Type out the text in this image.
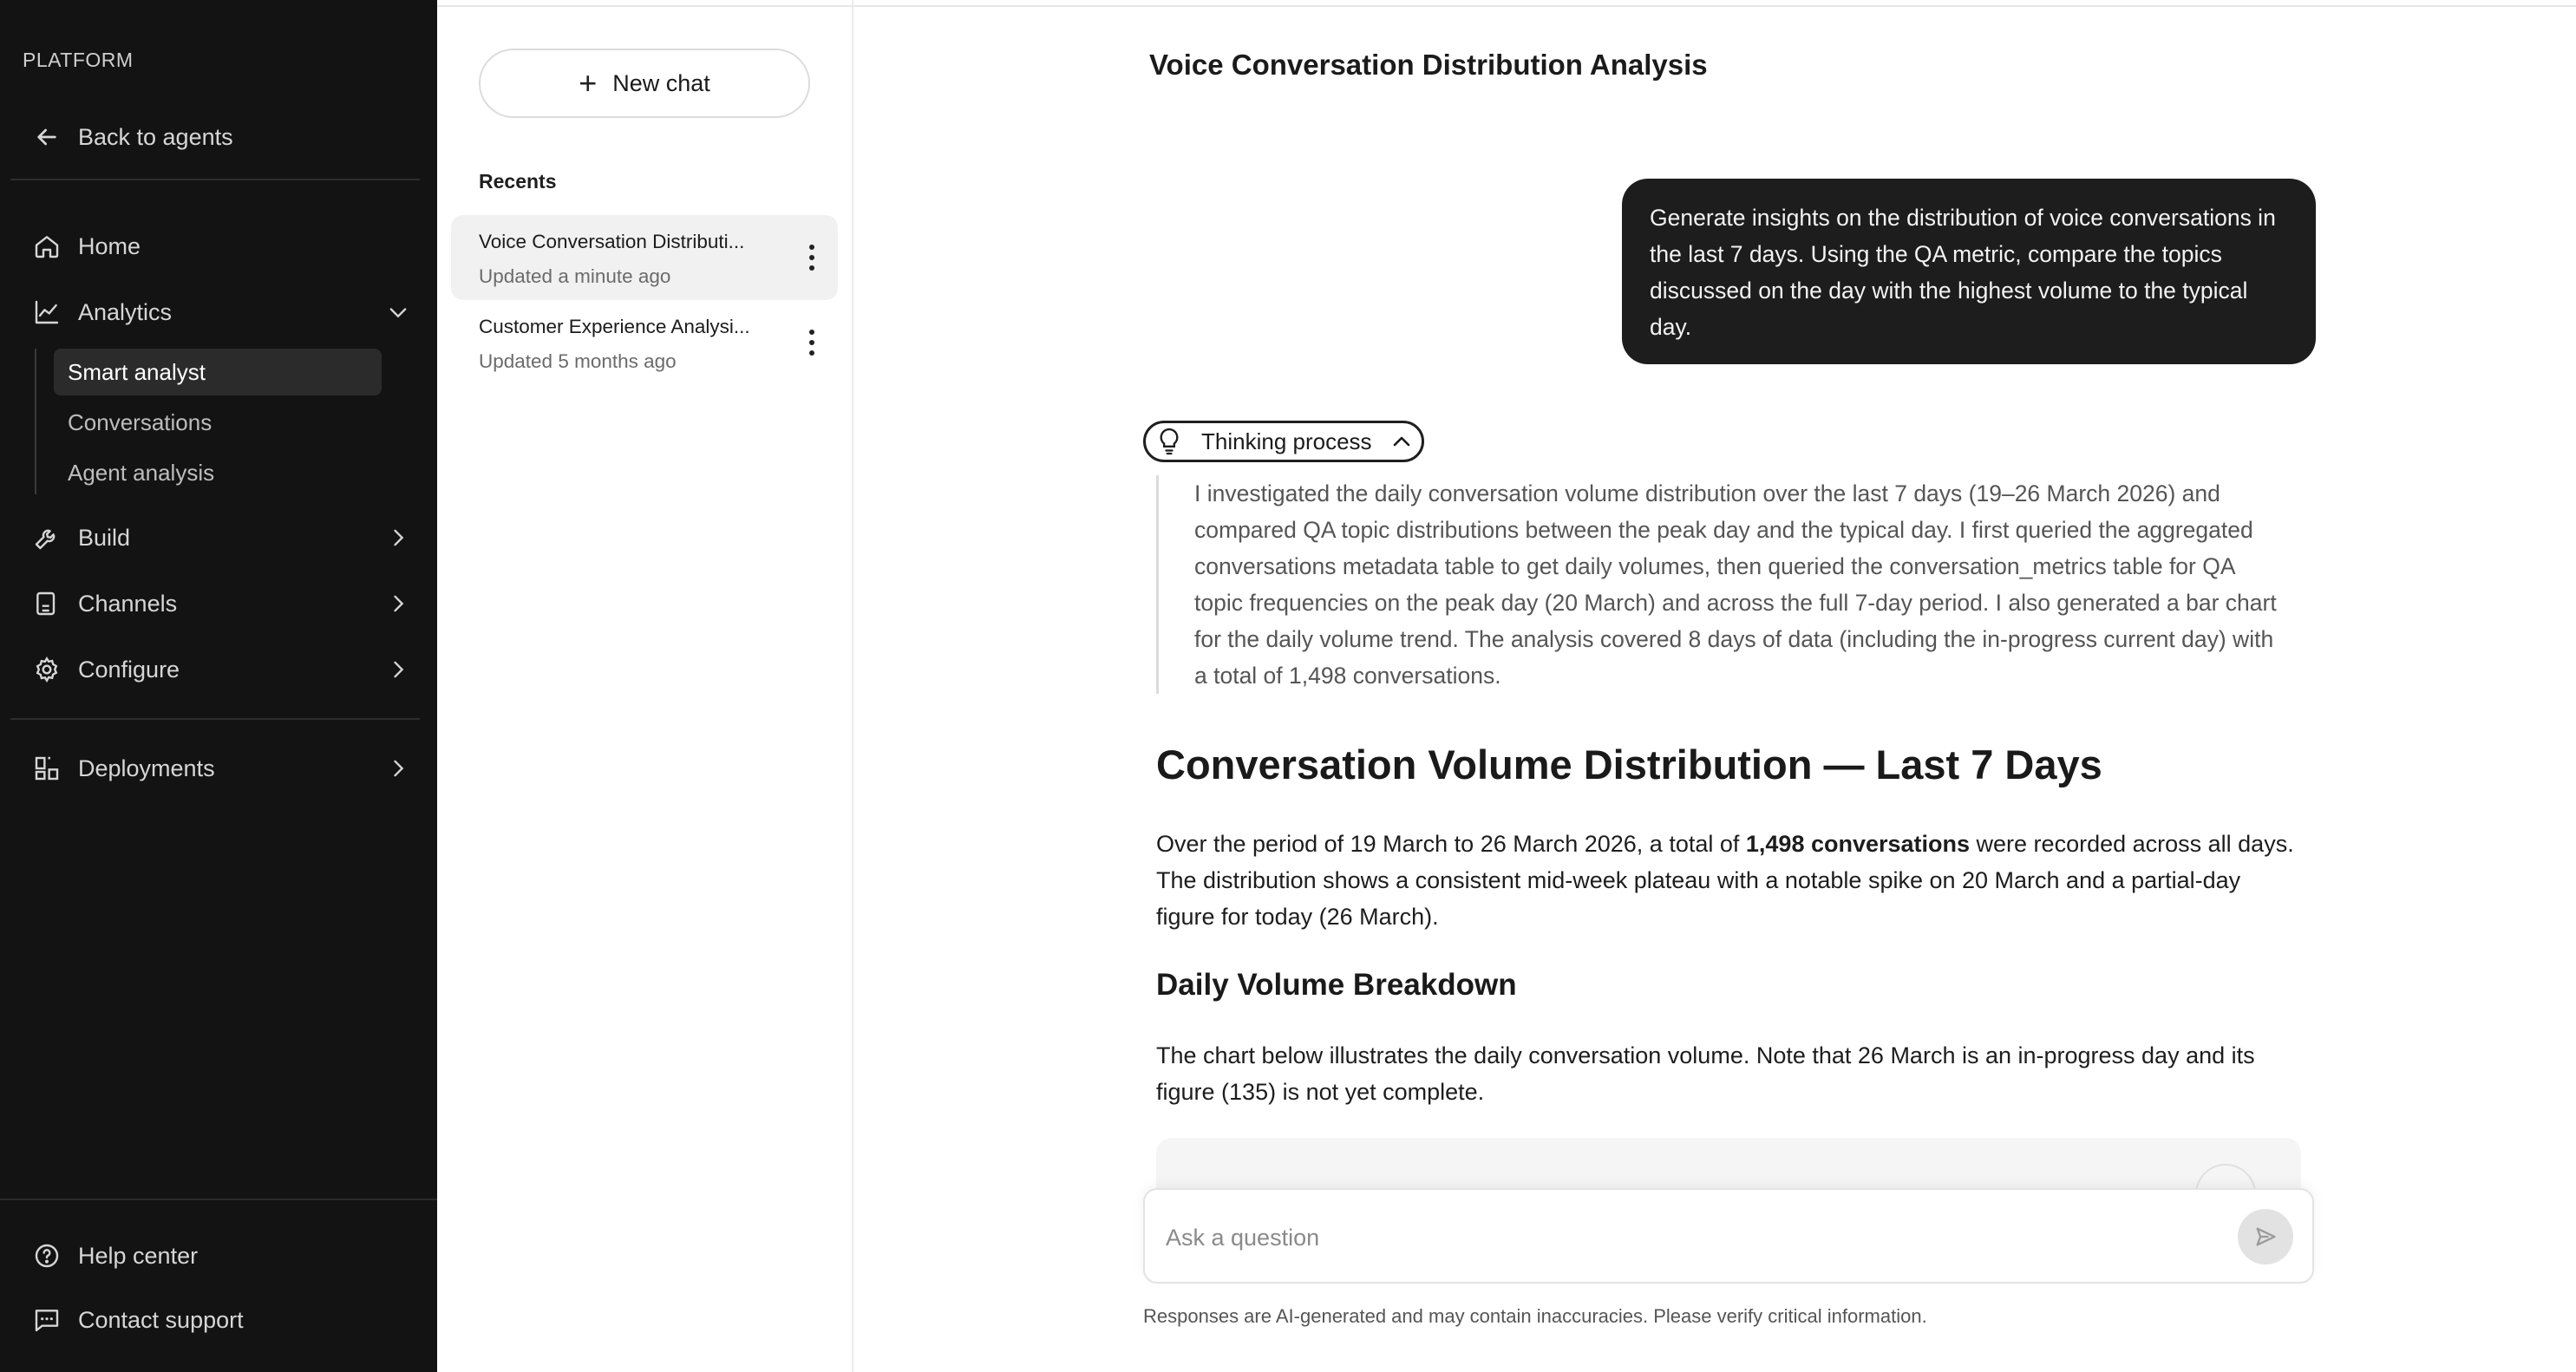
PLATFORM
Back to agents
Home
Analytics
Smart analyst
Conversations
Agent analysis
Build
Channels
Configure
Deployments
Help center
Contact support
+ New chat
Recents
Voice Conversation Distributi...
Updated a minute ago
Customer Experience Analysi...
Updated 5 months ago
Voice Conversation Distribution Analysis
Generate insights on the distribution of voice conversations in the last 7 days. Using the QA metric, compare the topics discussed on the day with the highest volume to the typical day.
Thinking process
I investigated the daily conversation volume distribution over the last 7 days (19–26 March 2026) and compared QA topic distributions between the peak day and the typical day. I first queried the aggregated conversations metadata table to get daily volumes, then queried the conversation_metrics table for QA topic frequencies on the peak day (20 March) and across the full 7-day period. I also generated a bar chart for the daily volume trend. The analysis covered 8 days of data (including the in-progress current day) with a total of 1,498 conversations.
Conversation Volume Distribution — Last 7 Days

Over the period of 19 March to 26 March 2026, a total of 1,498 conversations were recorded across all days. The distribution shows a consistent mid-week plateau with a notable spike on 20 March and a partial-day figure for today (26 March).

Daily Volume Breakdown

The chart below illustrates the daily conversation volume. Note that 26 March is an in-progress day and its figure (135) is not yet complete.

Ask a question
Responses are AI-generated and may contain inaccuracies. Please verify critical information.
